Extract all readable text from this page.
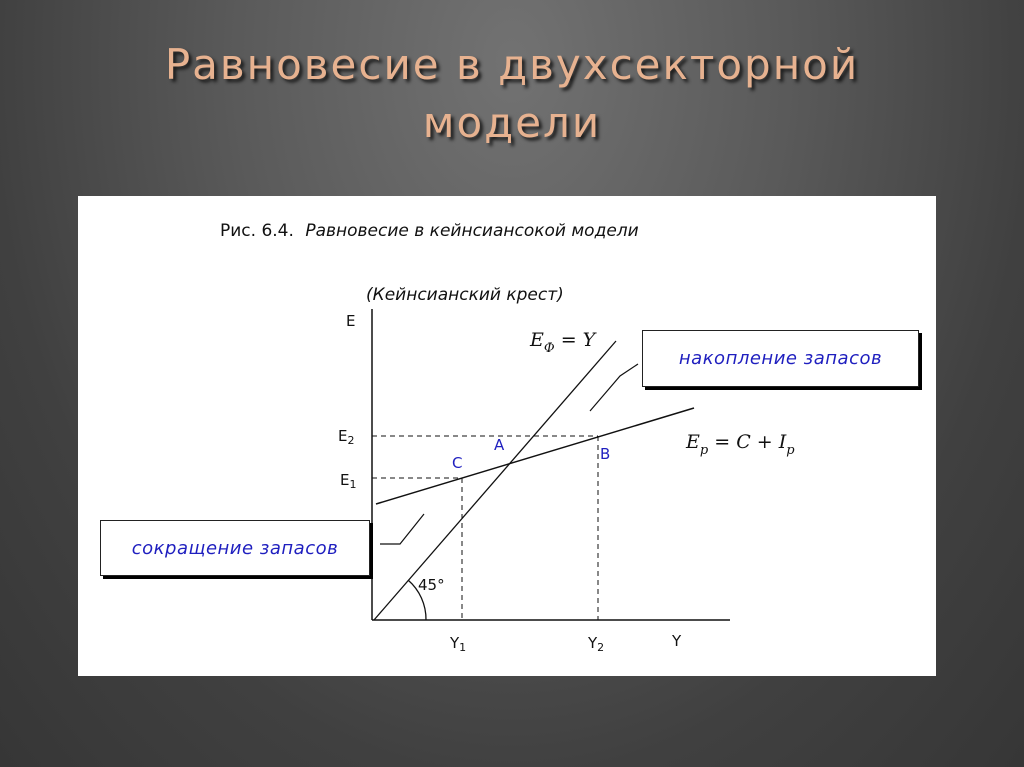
Равновесие в двухсекторной
модели
Рис. 6.4. Равновесие в кейнсиансокой модели
(Кейнсианский крест)
E
Y
45°
$E_2$
$E_1$
$Y_1$	$Y_2$
A	B
C
$E_Ф = Y$
$E_p = C + I_p$
накопление запасов
сокращение запасов
